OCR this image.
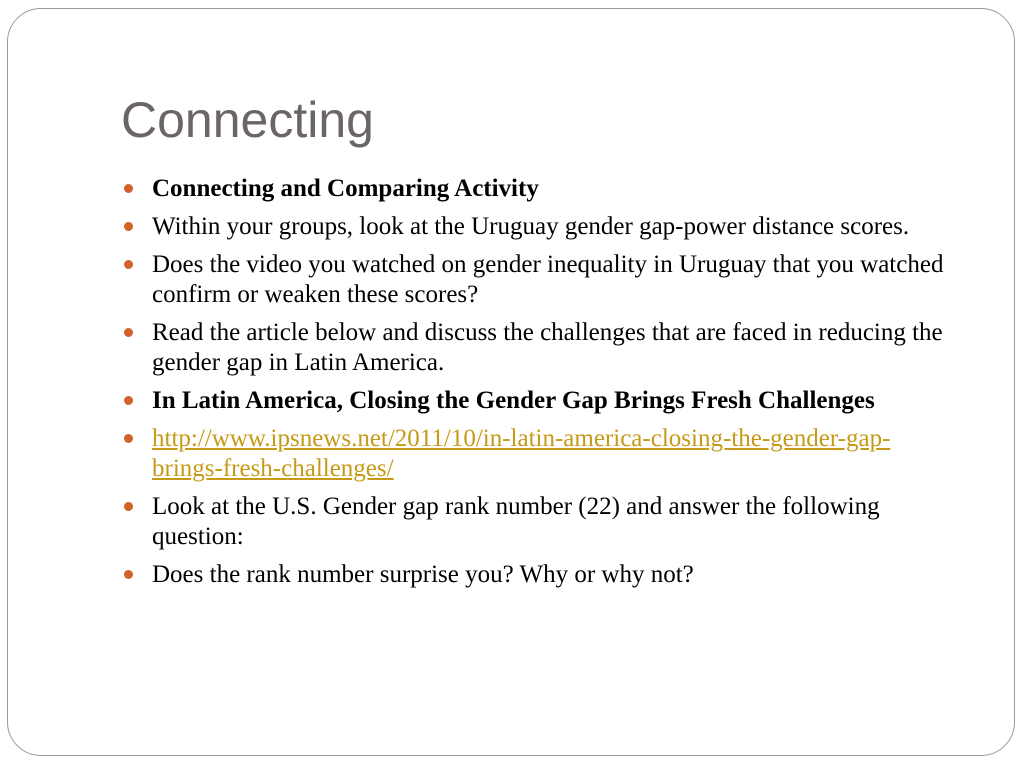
Connecting
Connecting and Comparing Activity
Within your groups, look at the Uruguay gender gap-power distance scores.
Does the video you watched on gender inequality in Uruguay that you watched confirm or weaken these scores?
Read the article below and discuss the challenges that are faced in reducing the gender gap in Latin America.
In Latin America, Closing the Gender Gap Brings Fresh Challenges
http://www.ipsnews.net/2011/10/in-latin-america-closing-the-gender-gap-brings-fresh-challenges/
Look at the U.S. Gender gap rank number (22) and answer the following question:
Does the rank number surprise you? Why or why not?
